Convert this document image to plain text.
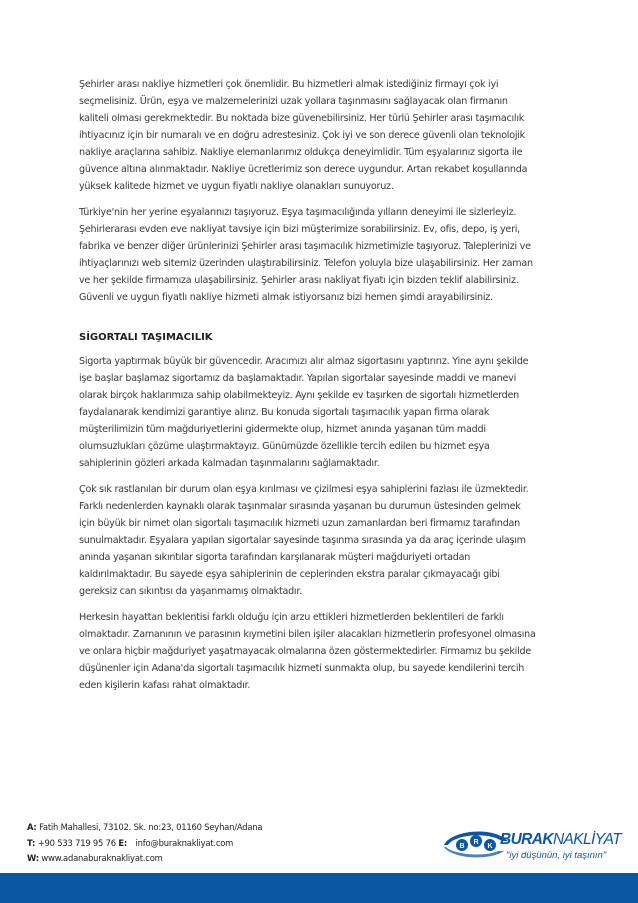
Şehirler arası nakliye hizmetleri çok önemlidir. Bu hizmetleri almak istediğiniz firmayı çok iyi seçmelisiniz. Ürün, eşya ve malzemelerinizi uzak yollara taşınmasını sağlayacak olan firmanın kaliteli olması gerekmektedir. Bu noktada bize güvenebilirsiniz. Her türlü Şehirler arası taşımacılık ihtiyacınız için bir numaralı ve en doğru adrestesiniz. Çok iyi ve son derece güvenli olan teknolojik nakliye araçlarına sahibiz. Nakliye elemanlarımız oldukça deneyimlidir. Tüm eşyalarınız sigorta ile güvence altına alınmaktadır. Nakliye ücretlerimiz son derece uygundur. Artan rekabet koşullarında yüksek kalitede hizmet ve uygun fiyatlı nakliye olanakları sunuyoruz.

Türkiye'nin her yerine eşyalarınızı taşıyoruz. Eşya taşımacılığında yılların deneyimi ile sizlerleyiz. Şehirlerarası evden eve nakliyat tavsiye için bizi müşterimize sorabilirsiniz. Ev, ofis, depo, iş yeri, fabrika ve benzer diğer ürünlerinizi Şehirler arası taşımacılık hizmetimizle taşıyoruz. Taleplerinizi ve ihtiyaçlarınızı web sitemiz üzerinden ulaştırabilirsiniz. Telefon yoluyla bize ulaşabilirsiniz. Her zaman ve her şekilde firmamıza ulaşabilirsiniz. Şehirler arası nakliyat fiyatı için bizden teklif alabilirsiniz. Güvenli ve uygun fiyatlı nakliye hizmeti almak istiyorsanız bizi hemen şimdi arayabilirsiniz.

SİGORTALI TAŞIMACILIK

Sigorta yaptırmak büyük bir güvencedir. Aracımızı alır almaz sigortasını yaptırırız. Yine aynı şekilde işe başlar başlamaz sigortamız da başlamaktadır. Yapılan sigortalar sayesinde maddi ve manevi olarak birçok haklarımıza sahip olabilmekteyiz. Aynı şekilde ev taşırken de sigortalı hizmetlerden faydalanarak kendimizi garantiye alırız. Bu konuda sigortalı taşımacılık yapan firma olarak müşterilimizin tüm mağduriyetlerini gidermekte olup, hizmet anında yaşanan tüm maddi olumsuzlukları çözüme ulaştırmaktayız. Günümüzde özellikle tercih edilen bu hizmet eşya sahiplerinin gözleri arkada kalmadan taşınmalarını sağlamaktadır.

Çok sık rastlanılan bir durum olan eşya kırılması ve çizilmesi eşya sahiplerini fazlası ile üzmektedir. Farklı nedenlerden kaynaklı olarak taşınmalar sırasında yaşanan bu durumun üstesinden gelmek için büyük bir nimet olan sigortalı taşımacılık hizmeti uzun zamanlardan beri firmamız tarafından sunulmaktadır. Eşyalara yapılan sigortalar sayesinde taşınma sırasında ya da araç içerinde ulaşım anında yaşanan sıkıntılar sigorta tarafından karşılanarak müşteri mağduriyeti ortadan kaldırılmaktadır. Bu sayede eşya sahiplerinin de ceplerinden ekstra paralar çıkmayacağı gibi gereksiz can sıkıntısı da yaşanmamış olmaktadır.

Herkesin hayattan beklentisi farklı olduğu için arzu ettikleri hizmetlerden beklentileri de farklı olmaktadır. Zamanının ve parasının kıymetini bilen işiler alacakları hizmetlerin profesyonel olmasına ve onlara hiçbir mağduriyet yaşatmayacak olmalarına özen göstermektedirler. Firmamız bu şekilde düşünenler için Adana'da sigortalı taşımacılık hizmeti sunmakta olup, bu sayede kendilerini tercih eden kişilerin kafası rahat olmaktadır.

A: Fatih Mahallesi, 73102. Sk. no:23, 01160 Seyhan/Adana
T: +90 533 719 95 76 E: info@buraknakliyat.com
W: www.adanaburaknakliyat.com
B
R
K BURAKNAKLİYAT
"iyi düşünün, iyi taşının"
